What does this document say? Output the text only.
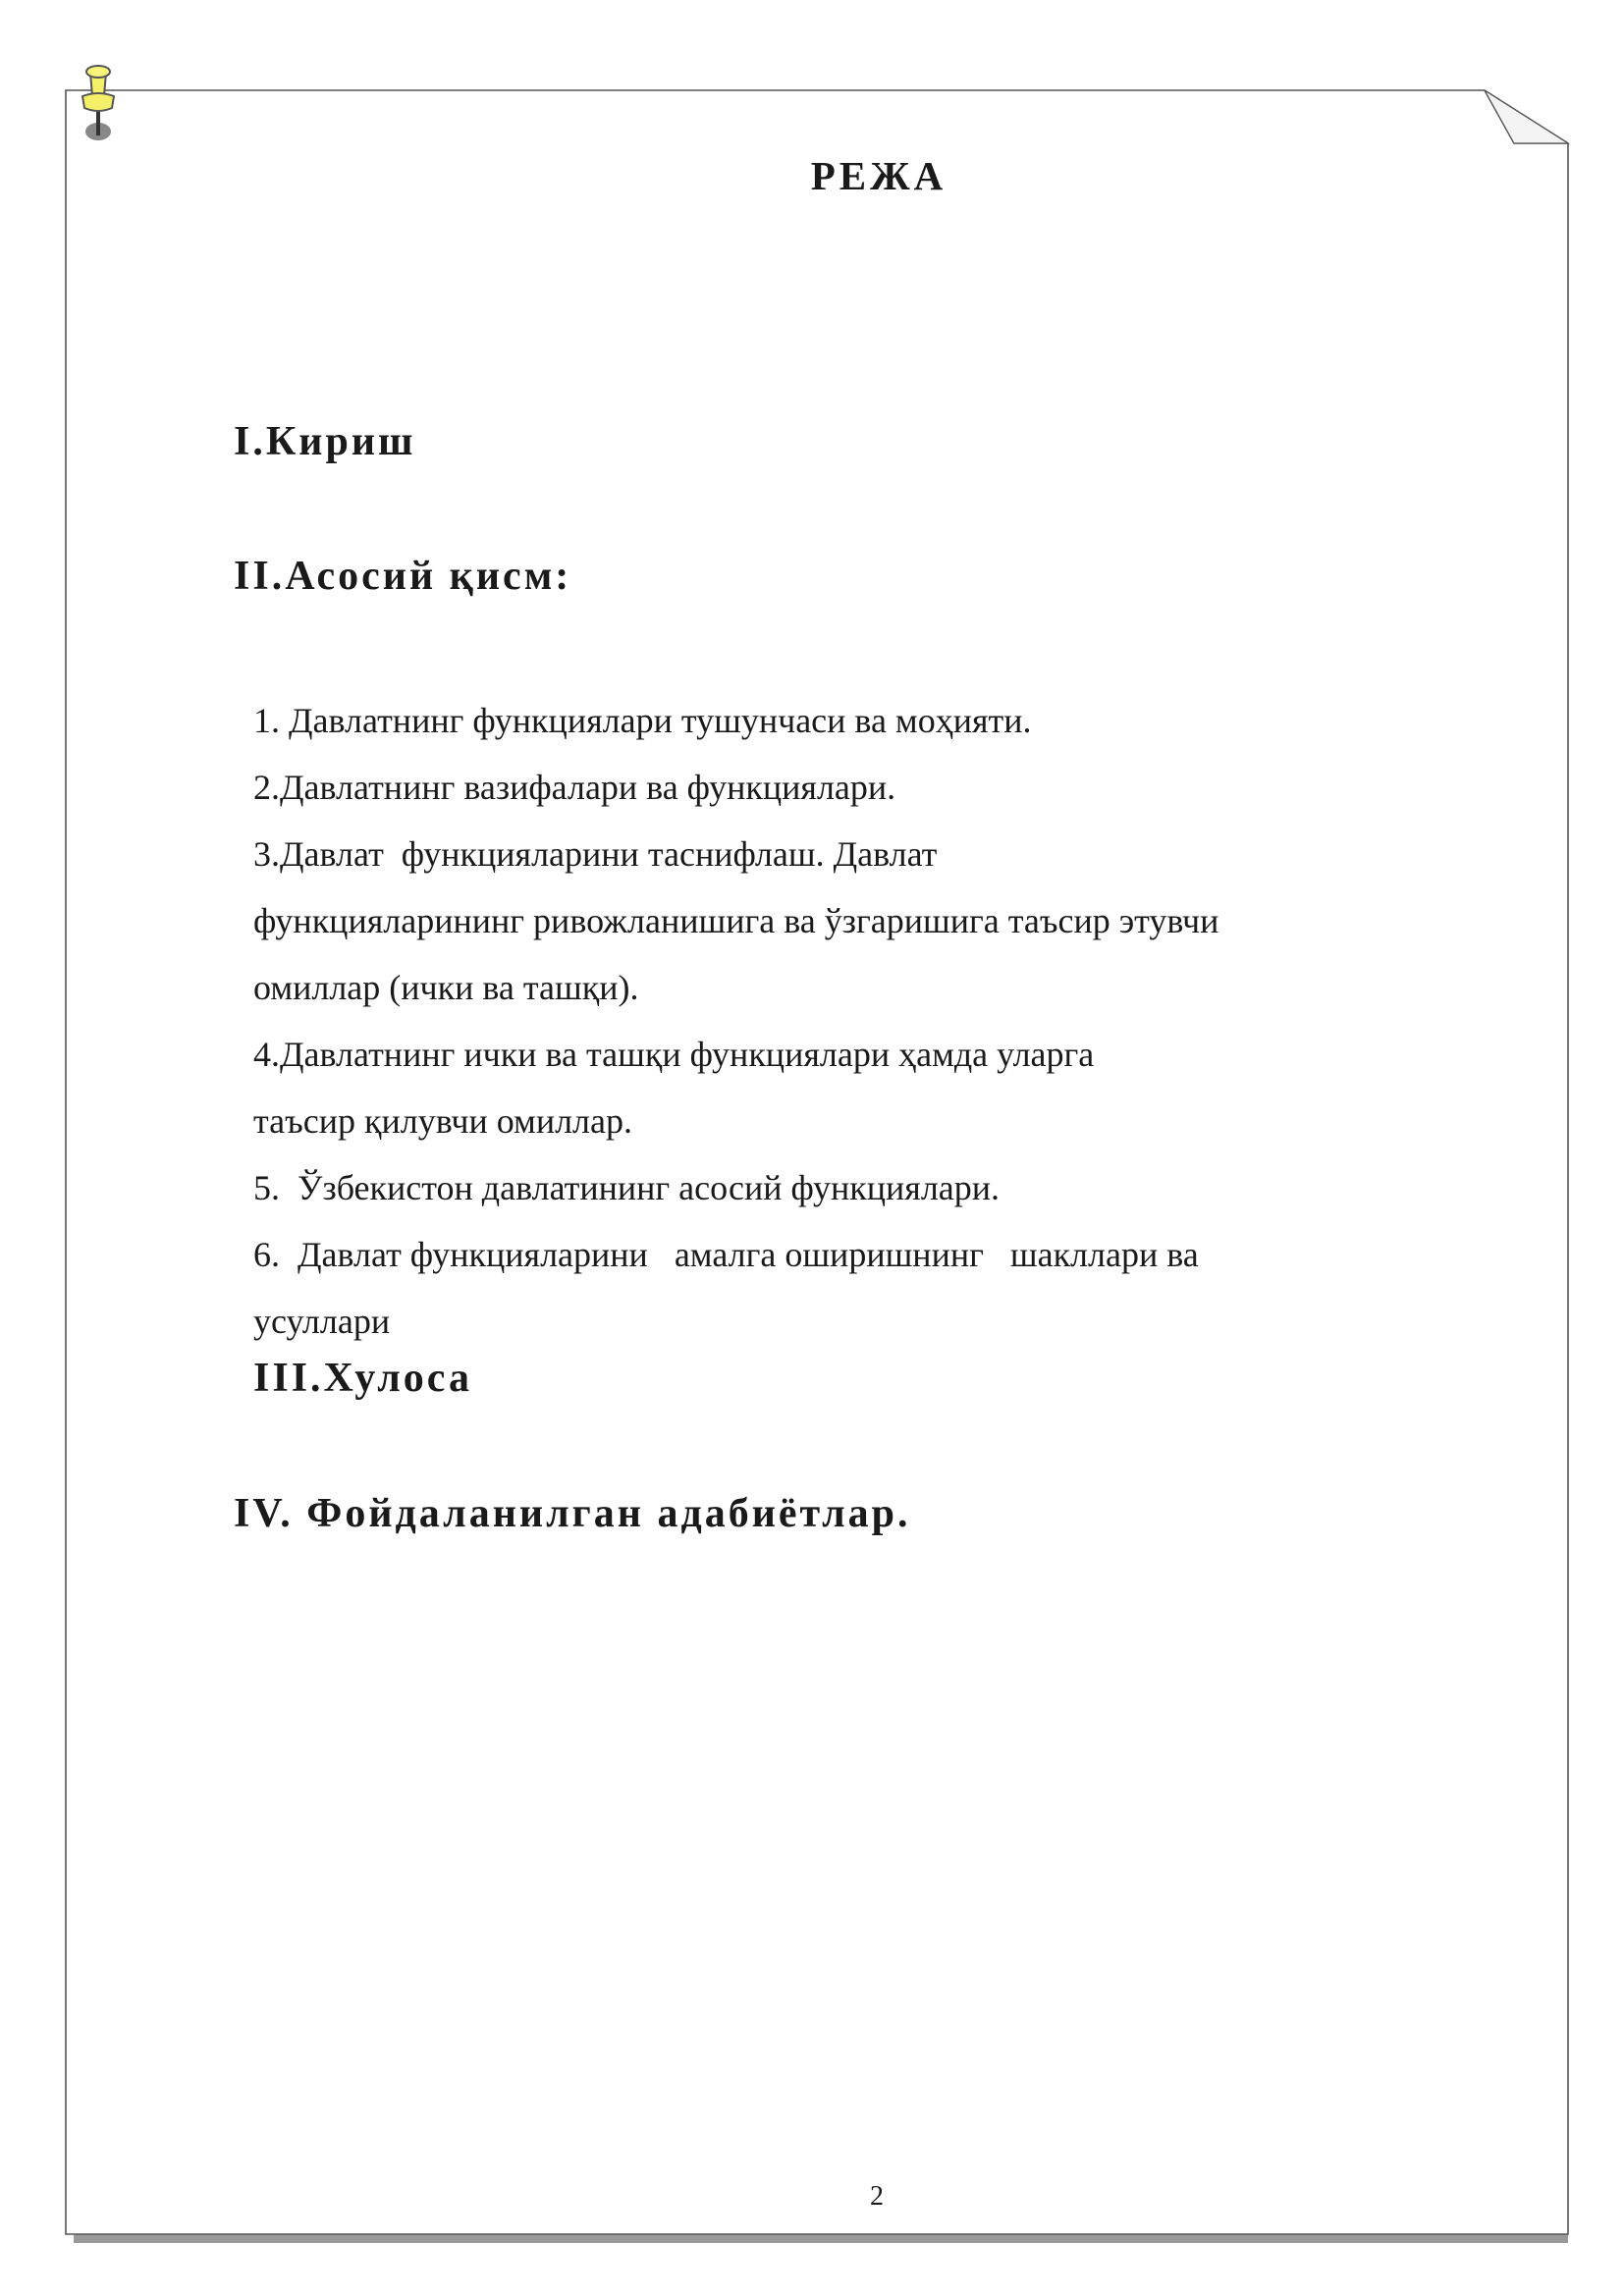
РЕЖА
I.Кириш
II.Асосий қисм:
1. Давлатнинг функциялари тушунчаси ва моҳияти.
2.Давлатнинг вазифалари ва функциялари.
3.Давлат  функцияларини таснифлаш. Давлат
функцияларининг ривожланишига ва ўзгаришига таъсир этувчи
омиллар (ички ва ташқи).
4.Давлатнинг ички ва ташқи функциялари ҳамда уларга
таъсир қилувчи омиллар.
5.  Ўзбекистон давлатининг асосий функциялари.
6.  Давлат функцияларини   амалга оширишнинг   шакллари ва
усуллари
III.Хулоса
IV. Фойдаланилган адабиётлар.
2
